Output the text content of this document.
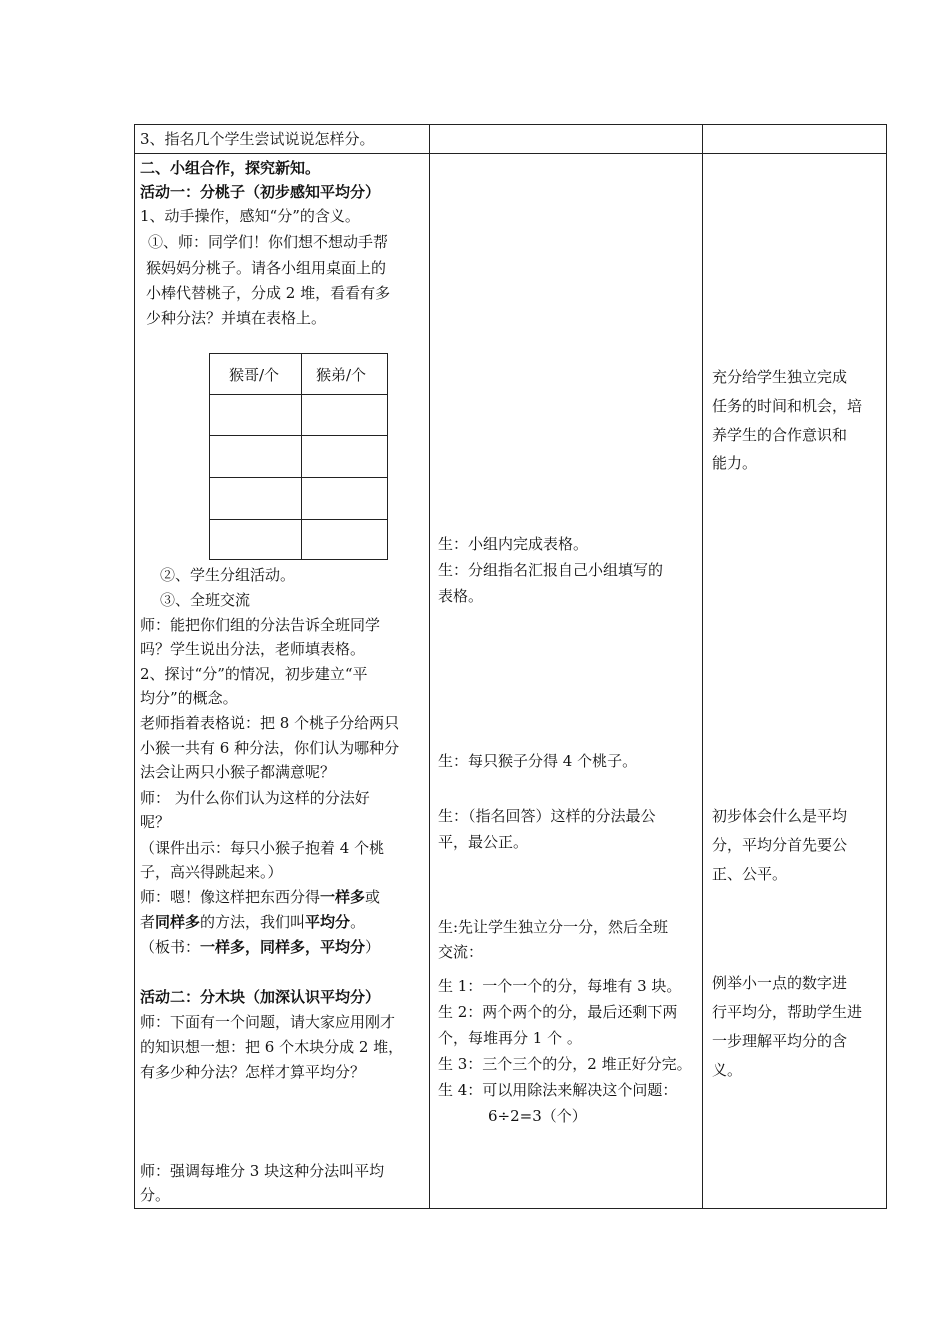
3、指名几个学生尝试说说怎样分。
二、小组合作，探究新知。
活动一：分桃子（初步感知平均分）
1、动手操作，感知“分”的含义。
①、师：同学们！你们想不想动手帮
猴妈妈分桃子。请各小组用桌面上的
小棒代替桃子，分成 2 堆，看看有多
少种分法？并填在表格上。
猴哥/个 猴弟/个
②、学生分组活动。
③、全班交流
师：能把你们组的分法告诉全班同学
吗？学生说出分法，老师填表格。
2、探讨“分”的情况，初步建立“平
均分”的概念。
老师指着表格说：把 8 个桃子分给两只
小猴一共有 6 种分法，你们认为哪种分
法会让两只小猴子都满意呢？
师： 为什么你们认为这样的分法好
呢？
（课件出示：每只小猴子抱着 4 个桃
子，高兴得跳起来。）
师：嗯！像这样把东西分得一样多或
者同样多的方法，我们叫平均分。
（板书：一样多，同样多，平均分）
活动二：分木块（加深认识平均分）
师：下面有一个问题，请大家应用刚才
的知识想一想：把 6 个木块分成 2 堆，
有多少种分法？怎样才算平均分？
师：强调每堆分 3 块这种分法叫平均
分。
生：小组内完成表格。
生：分组指名汇报自己小组填写的
表格。
生：每只猴子分得 4 个桃子。
生：（指名回答）这样的分法最公
平，最公正。
生:先让学生独立分一分，然后全班
交流：
生 1：一个一个的分，每堆有 3 块。
生 2：两个两个的分，最后还剩下两
个，每堆再分 1 个 。
生 3：三个三个的分，2 堆正好分完。
生 4：可以用除法来解决这个问题：
6÷2=3（个）
充分给学生独立完成
任务的时间和机会，培
养学生的合作意识和
能力。
初步体会什么是平均
分，平均分首先要公
正、公平。
例举小一点的数字进
行平均分，帮助学生进
一步理解平均分的含
义。
